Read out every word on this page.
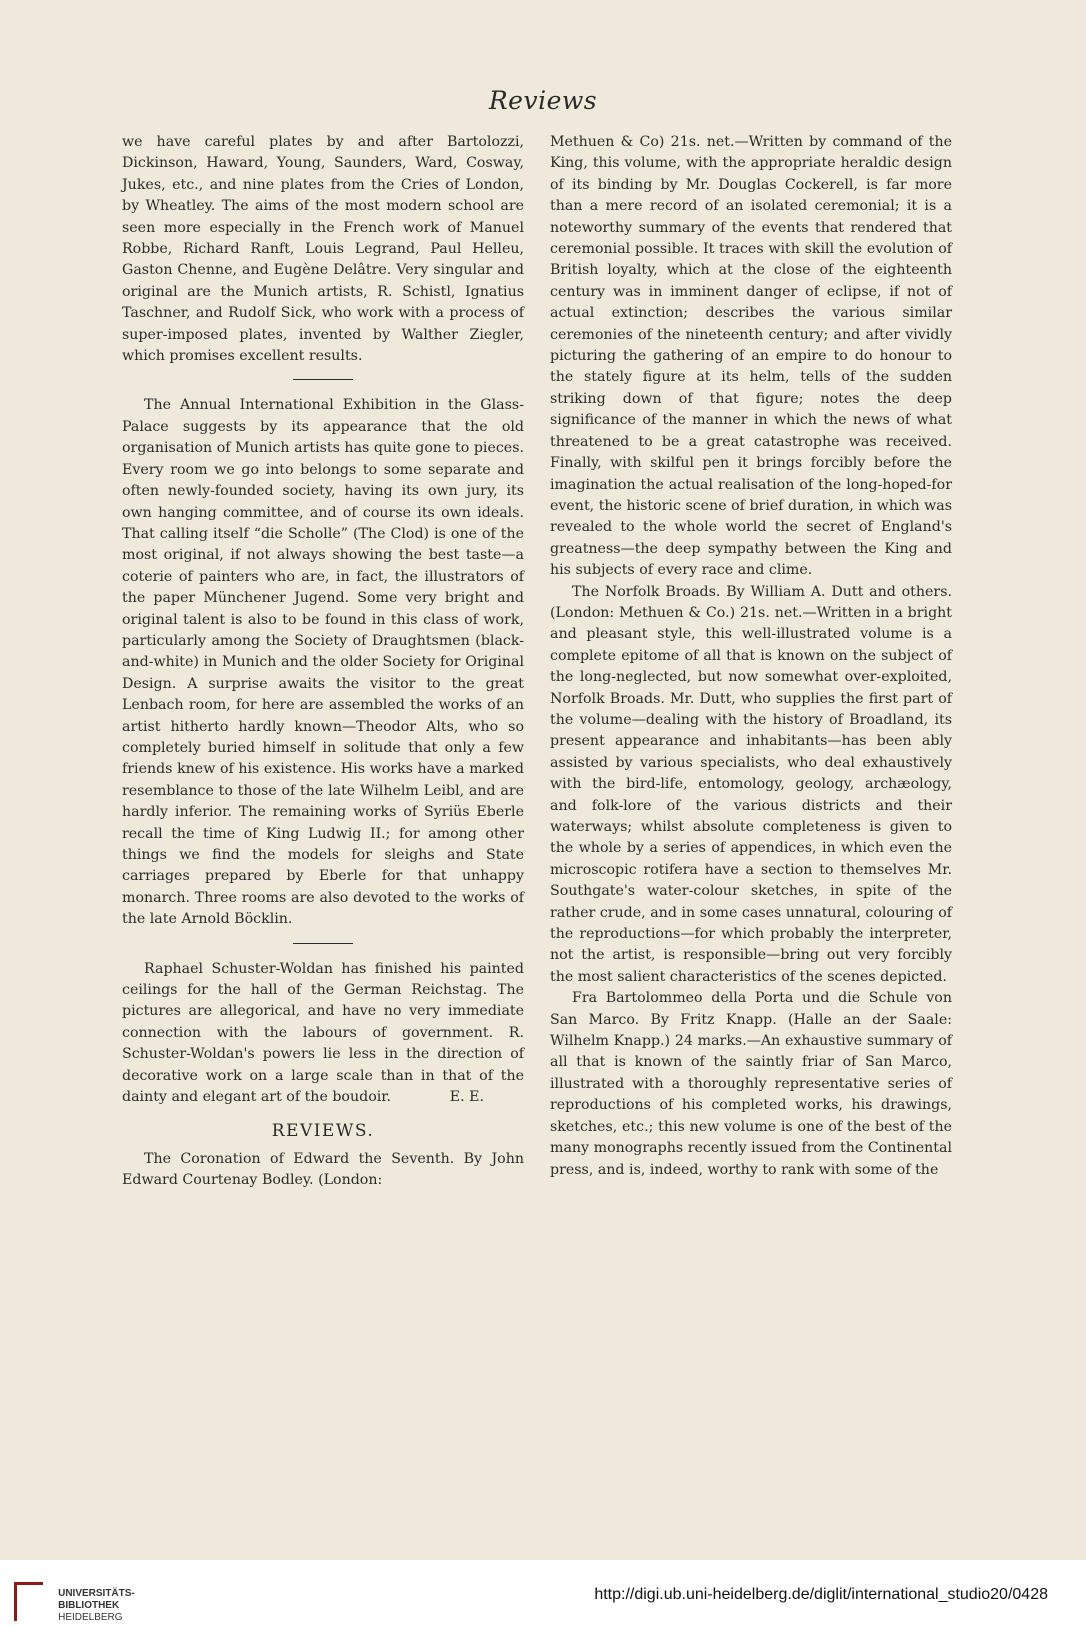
Reviews

we have careful plates by and after Bartolozzi, Dickinson, Haward, Young, Saunders, Ward, Cosway, Jukes, etc., and nine plates from the Cries of London, by Wheatley. The aims of the most modern school are seen more especially in the French work of Manuel Robbe, Richard Ranft, Louis Legrand, Paul Helleu, Gaston Chenne, and Eugène Delâtre. Very singular and original are the Munich artists, R. Schistl, Ignatius Taschner, and Rudolf Sick, who work with a process of super-imposed plates, invented by Walther Ziegler, which promises excellent results.

The Annual International Exhibition in the Glass-Palace suggests by its appearance that the old organisation of Munich artists has quite gone to pieces. Every room we go into belongs to some separate and often newly-founded society, having its own jury, its own hanging committee, and of course its own ideals. That calling itself “die Scholle” (The Clod) is one of the most original, if not always showing the best taste—a coterie of painters who are, in fact, the illustrators of the paper Münchener Jugend. Some very bright and original talent is also to be found in this class of work, particularly among the Society of Draughtsmen (black-and-white) in Munich and the older Society for Original Design. A surprise awaits the visitor to the great Lenbach room, for here are assembled the works of an artist hitherto hardly known—Theodor Alts, who so completely buried himself in solitude that only a few friends knew of his existence. His works have a marked resemblance to those of the late Wilhelm Leibl, and are hardly inferior. The remaining works of Syriüs Eberle recall the time of King Ludwig II.; for among other things we find the models for sleighs and State carriages prepared by Eberle for that unhappy monarch. Three rooms are also devoted to the works of the late Arnold Böcklin.

Raphael Schuster-Woldan has finished his painted ceilings for the hall of the German Reichstag. The pictures are allegorical, and have no very immediate connection with the labours of government. R. Schuster-Woldan's powers lie less in the direction of decorative work on a large scale than in that of the dainty and elegant art of the boudoir.	E. E.

REVIEWS.

The Coronation of Edward the Seventh. By John Edward Courtenay Bodley. (London:

Methuen & Co) 21s. net.—Written by command of the King, this volume, with the appropriate heraldic design of its binding by Mr. Douglas Cockerell, is far more than a mere record of an isolated ceremonial; it is a noteworthy summary of the events that rendered that ceremonial possible. It traces with skill the evolution of British loyalty, which at the close of the eighteenth century was in imminent danger of eclipse, if not of actual extinction; describes the various similar ceremonies of the nineteenth century; and after vividly picturing the gathering of an empire to do honour to the stately figure at its helm, tells of the sudden striking down of that figure; notes the deep significance of the manner in which the news of what threatened to be a great catastrophe was received. Finally, with skilful pen it brings forcibly before the imagination the actual realisation of the long-hoped-for event, the historic scene of brief duration, in which was revealed to the whole world the secret of England's greatness—the deep sympathy between the King and his subjects of every race and clime.

The Norfolk Broads. By William A. Dutt and others. (London: Methuen & Co.) 21s. net.—Written in a bright and pleasant style, this well-illustrated volume is a complete epitome of all that is known on the subject of the long-neglected, but now somewhat over-exploited, Norfolk Broads. Mr. Dutt, who supplies the first part of the volume—dealing with the history of Broadland, its present appearance and inhabitants—has been ably assisted by various specialists, who deal exhaustively with the bird-life, entomology, geology, archæology, and folk-lore of the various districts and their waterways; whilst absolute completeness is given to the whole by a series of appendices, in which even the microscopic rotifera have a section to themselves Mr. Southgate's water-colour sketches, in spite of the rather crude, and in some cases unnatural, colouring of the reproductions—for which probably the interpreter, not the artist, is responsible—bring out very forcibly the most salient characteristics of the scenes depicted.

Fra Bartolommeo della Porta und die Schule von San Marco. By Fritz Knapp. (Halle an der Saale: Wilhelm Knapp.) 24 marks.—An exhaustive summary of all that is known of the saintly friar of San Marco, illustrated with a thoroughly representative series of reproductions of his completed works, his drawings, sketches, etc.; this new volume is one of the best of the many monographs recently issued from the Continental press, and is, indeed, worthy to rank with some of the

UNIVERSITÄTS-
BIBLIOTHEK
HEIDELBERG
http://digi.ub.uni-heidelberg.de/diglit/international_studio20/0428
